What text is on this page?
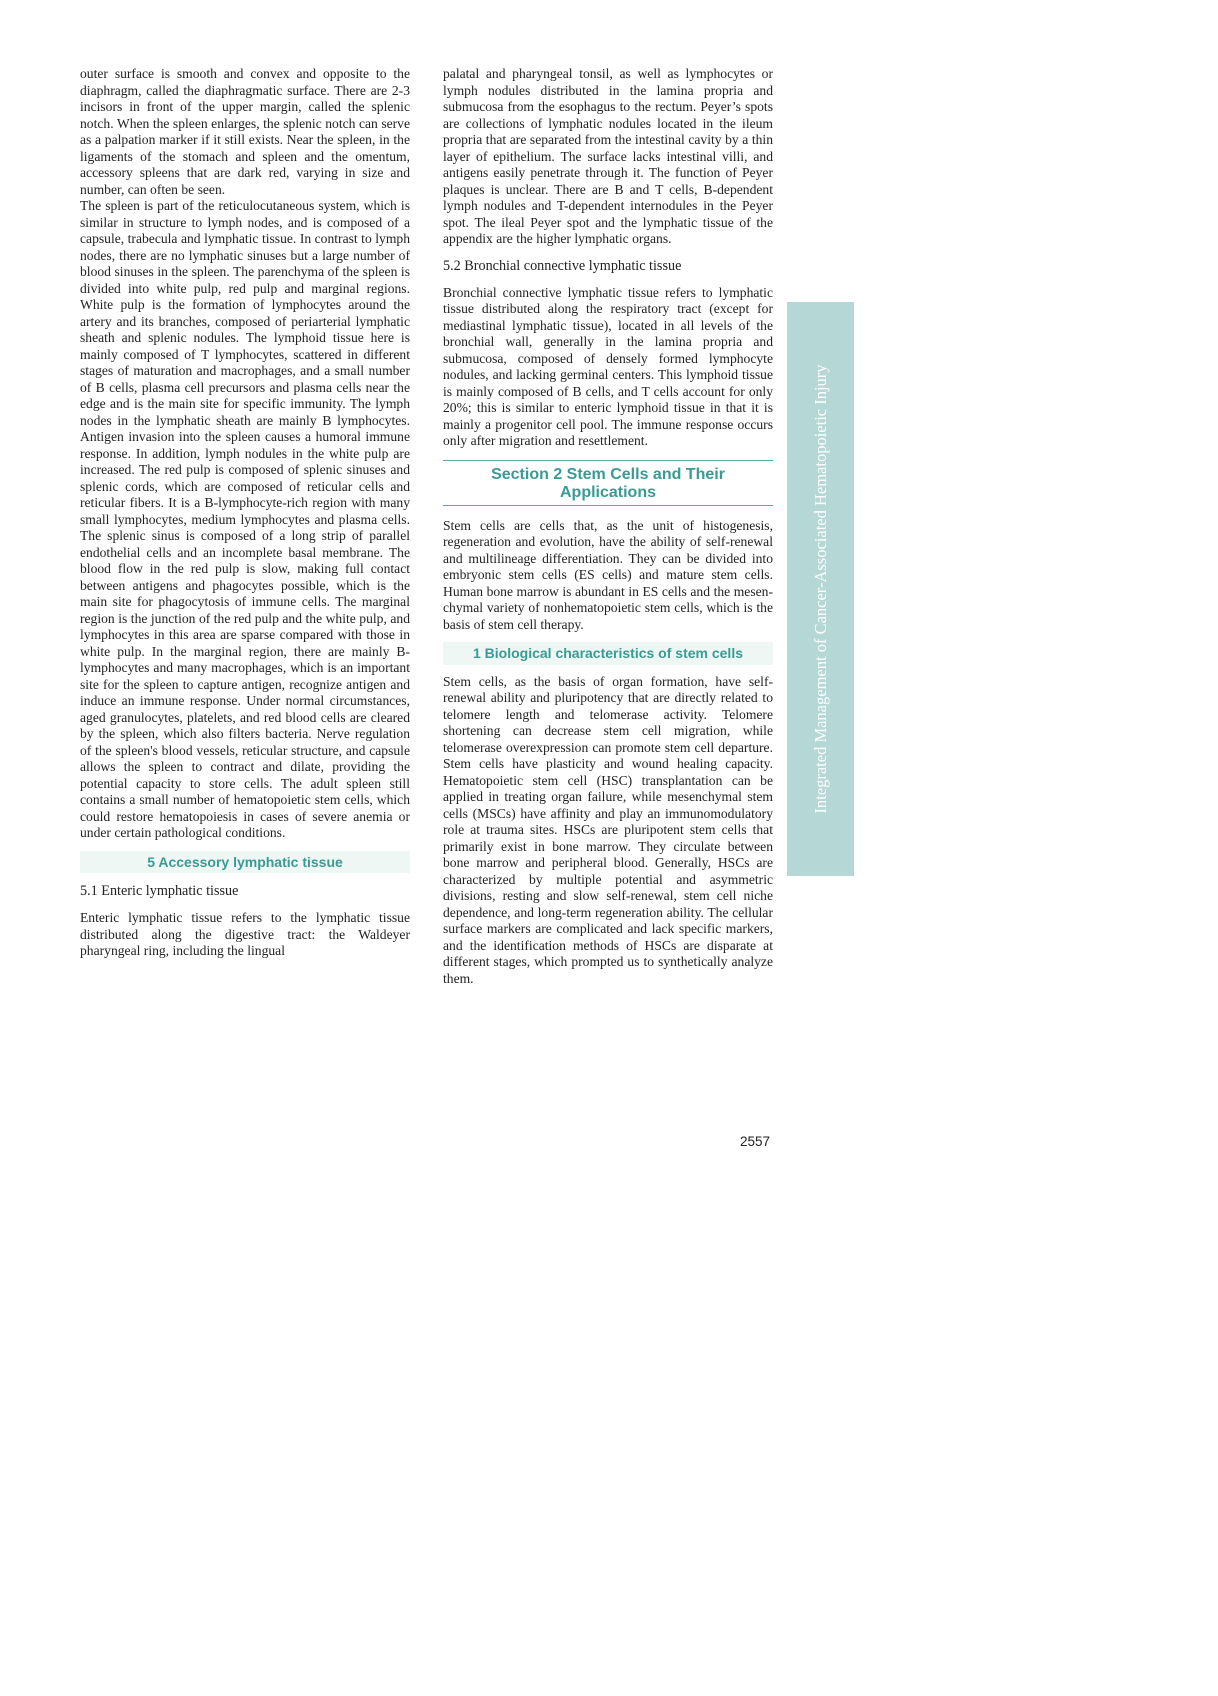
outer surface is smooth and convex and opposite to the diaphragm, called the diaphragmatic surface. There are 2-3 incisors in front of the upper margin, called the splenic notch. When the spleen enlarges, the splenic notch can serve as a palpation marker if it still exists. Near the spleen, in the ligaments of the stomach and spleen and the omentum, accessory spleens that are dark red, varying in size and number, can often be seen.

The spleen is part of the reticulocutaneous system, which is similar in structure to lymph nodes, and is composed of a capsule, trabecula and lymphatic tissue. In contrast to lymph nodes, there are no lymphatic sinuses but a large number of blood sinuses in the spleen. The parenchyma of the spleen is divided into white pulp, red pulp and marginal regions. White pulp is the formation of lymphocytes around the artery and its branches, composed of periarterial lymphatic sheath and splenic nodules. The lymphoid tissue here is mainly composed of T lymphocytes, scattered in different stages of maturation and macrophages, and a small number of B cells, plasma cell precursors and plasma cells near the edge and is the main site for specific immunity. The lymph nodes in the lymphatic sheath are mainly B lymphocytes. Antigen invasion into the spleen causes a humoral immune response. In addition, lymph nodules in the white pulp are increased. The red pulp is composed of splenic sinuses and splenic cords, which are composed of reticular cells and reticular fibers. It is a B-lymphocyte-rich region with many small lymphocytes, medium lymphocytes and plasma cells. The splenic sinus is composed of a long strip of parallel endothelial cells and an incomplete basal membrane. The blood flow in the red pulp is slow, making full contact between antigens and phagocytes possible, which is the main site for phagocytosis of immune cells. The marginal region is the junction of the red pulp and the white pulp, and lymphocytes in this area are sparse compared with those in white pulp. In the marginal region, there are mainly B-lymphocytes and many macrophages, which is an important site for the spleen to capture antigen, recognize antigen and induce an immune response. Under normal circumstances, aged granulocytes, platelets, and red blood cells are cleared by the spleen, which also filters bacteria. Nerve regulation of the spleen's blood vessels, reticular structure, and capsule allows the spleen to contract and dilate, providing the potential capacity to store cells. The adult spleen still contains a small number of hematopoietic stem cells, which could restore hematopoiesis in cases of severe anemia or under certain pathological conditions.

5 Accessory lymphatic tissue
5.1 Enteric lymphatic tissue

Enteric lymphatic tissue refers to the lymphatic tissue distributed along the digestive tract: the Waldeyer pharyngeal ring, including the lingual

palatal and pharyngeal tonsil, as well as lymphocytes or lymph nodules distributed in the lamina propria and submucosa from the esophagus to the rectum. Peyer’s spots are collections of lymphatic nodules located in the ileum propria that are separated from the intestinal cavity by a thin layer of epithelium. The surface lacks intestinal villi, and antigens easily penetrate through it. The function of Peyer plaques is unclear. There are B and T cells, B-dependent lymph nodules and T-dependent internodules in the Peyer spot. The ileal Peyer spot and the lymphatic tissue of the appendix are the higher lymphatic organs.

5.2 Bronchial connective lymphatic tissue

Bronchial connective lymphatic tissue refers to lymphatic tissue distributed along the respiratory tract (except for mediastinal lymphatic tissue), located in all levels of the bronchial wall, generally in the lamina propria and submucosa, composed of densely formed lymphocyte nodules, and lacking germinal centers. This lymphoid tissue is mainly composed of B cells, and T cells account for only 20%; this is similar to enteric lymphoid tissue in that it is mainly a progenitor cell pool. The immune response occurs only after migration and resettlement.

Section 2 Stem Cells and Their Applications

Stem cells are cells that, as the unit of histogenesis, regeneration and evolution, have the ability of self-renewal and multilineage differentiation. They can be divided into embryonic stem cells (ES cells) and mature stem cells. Human bone marrow is abundant in ES cells and the mesenchymal variety of nonhematopoietic stem cells, which is the basis of stem cell therapy.

1 Biological characteristics of stem cells

Stem cells, as the basis of organ formation, have self-renewal ability and pluripotency that are directly related to telomere length and telomerase activity. Telomere shortening can decrease stem cell migration, while telomerase overexpression can promote stem cell departure. Stem cells have plasticity and wound healing capacity. Hematopoietic stem cell (HSC) transplantation can be applied in treating organ failure, while mesenchymal stem cells (MSCs) have affinity and play an immunomodulatory role at trauma sites. HSCs are pluripotent stem cells that primarily exist in bone marrow. They circulate between bone marrow and peripheral blood. Generally, HSCs are characterized by multiple potential and asymmetric divisions, resting and slow self-renewal, stem cell niche dependence, and long-term regeneration ability. The cellular surface markers are complicated and lack specific markers, and the identification methods of HSCs are disparate at different stages, which prompted us to synthetically analyze them.

Integrated Management of Cancer-Associated Hematopoietic Injury
2557
